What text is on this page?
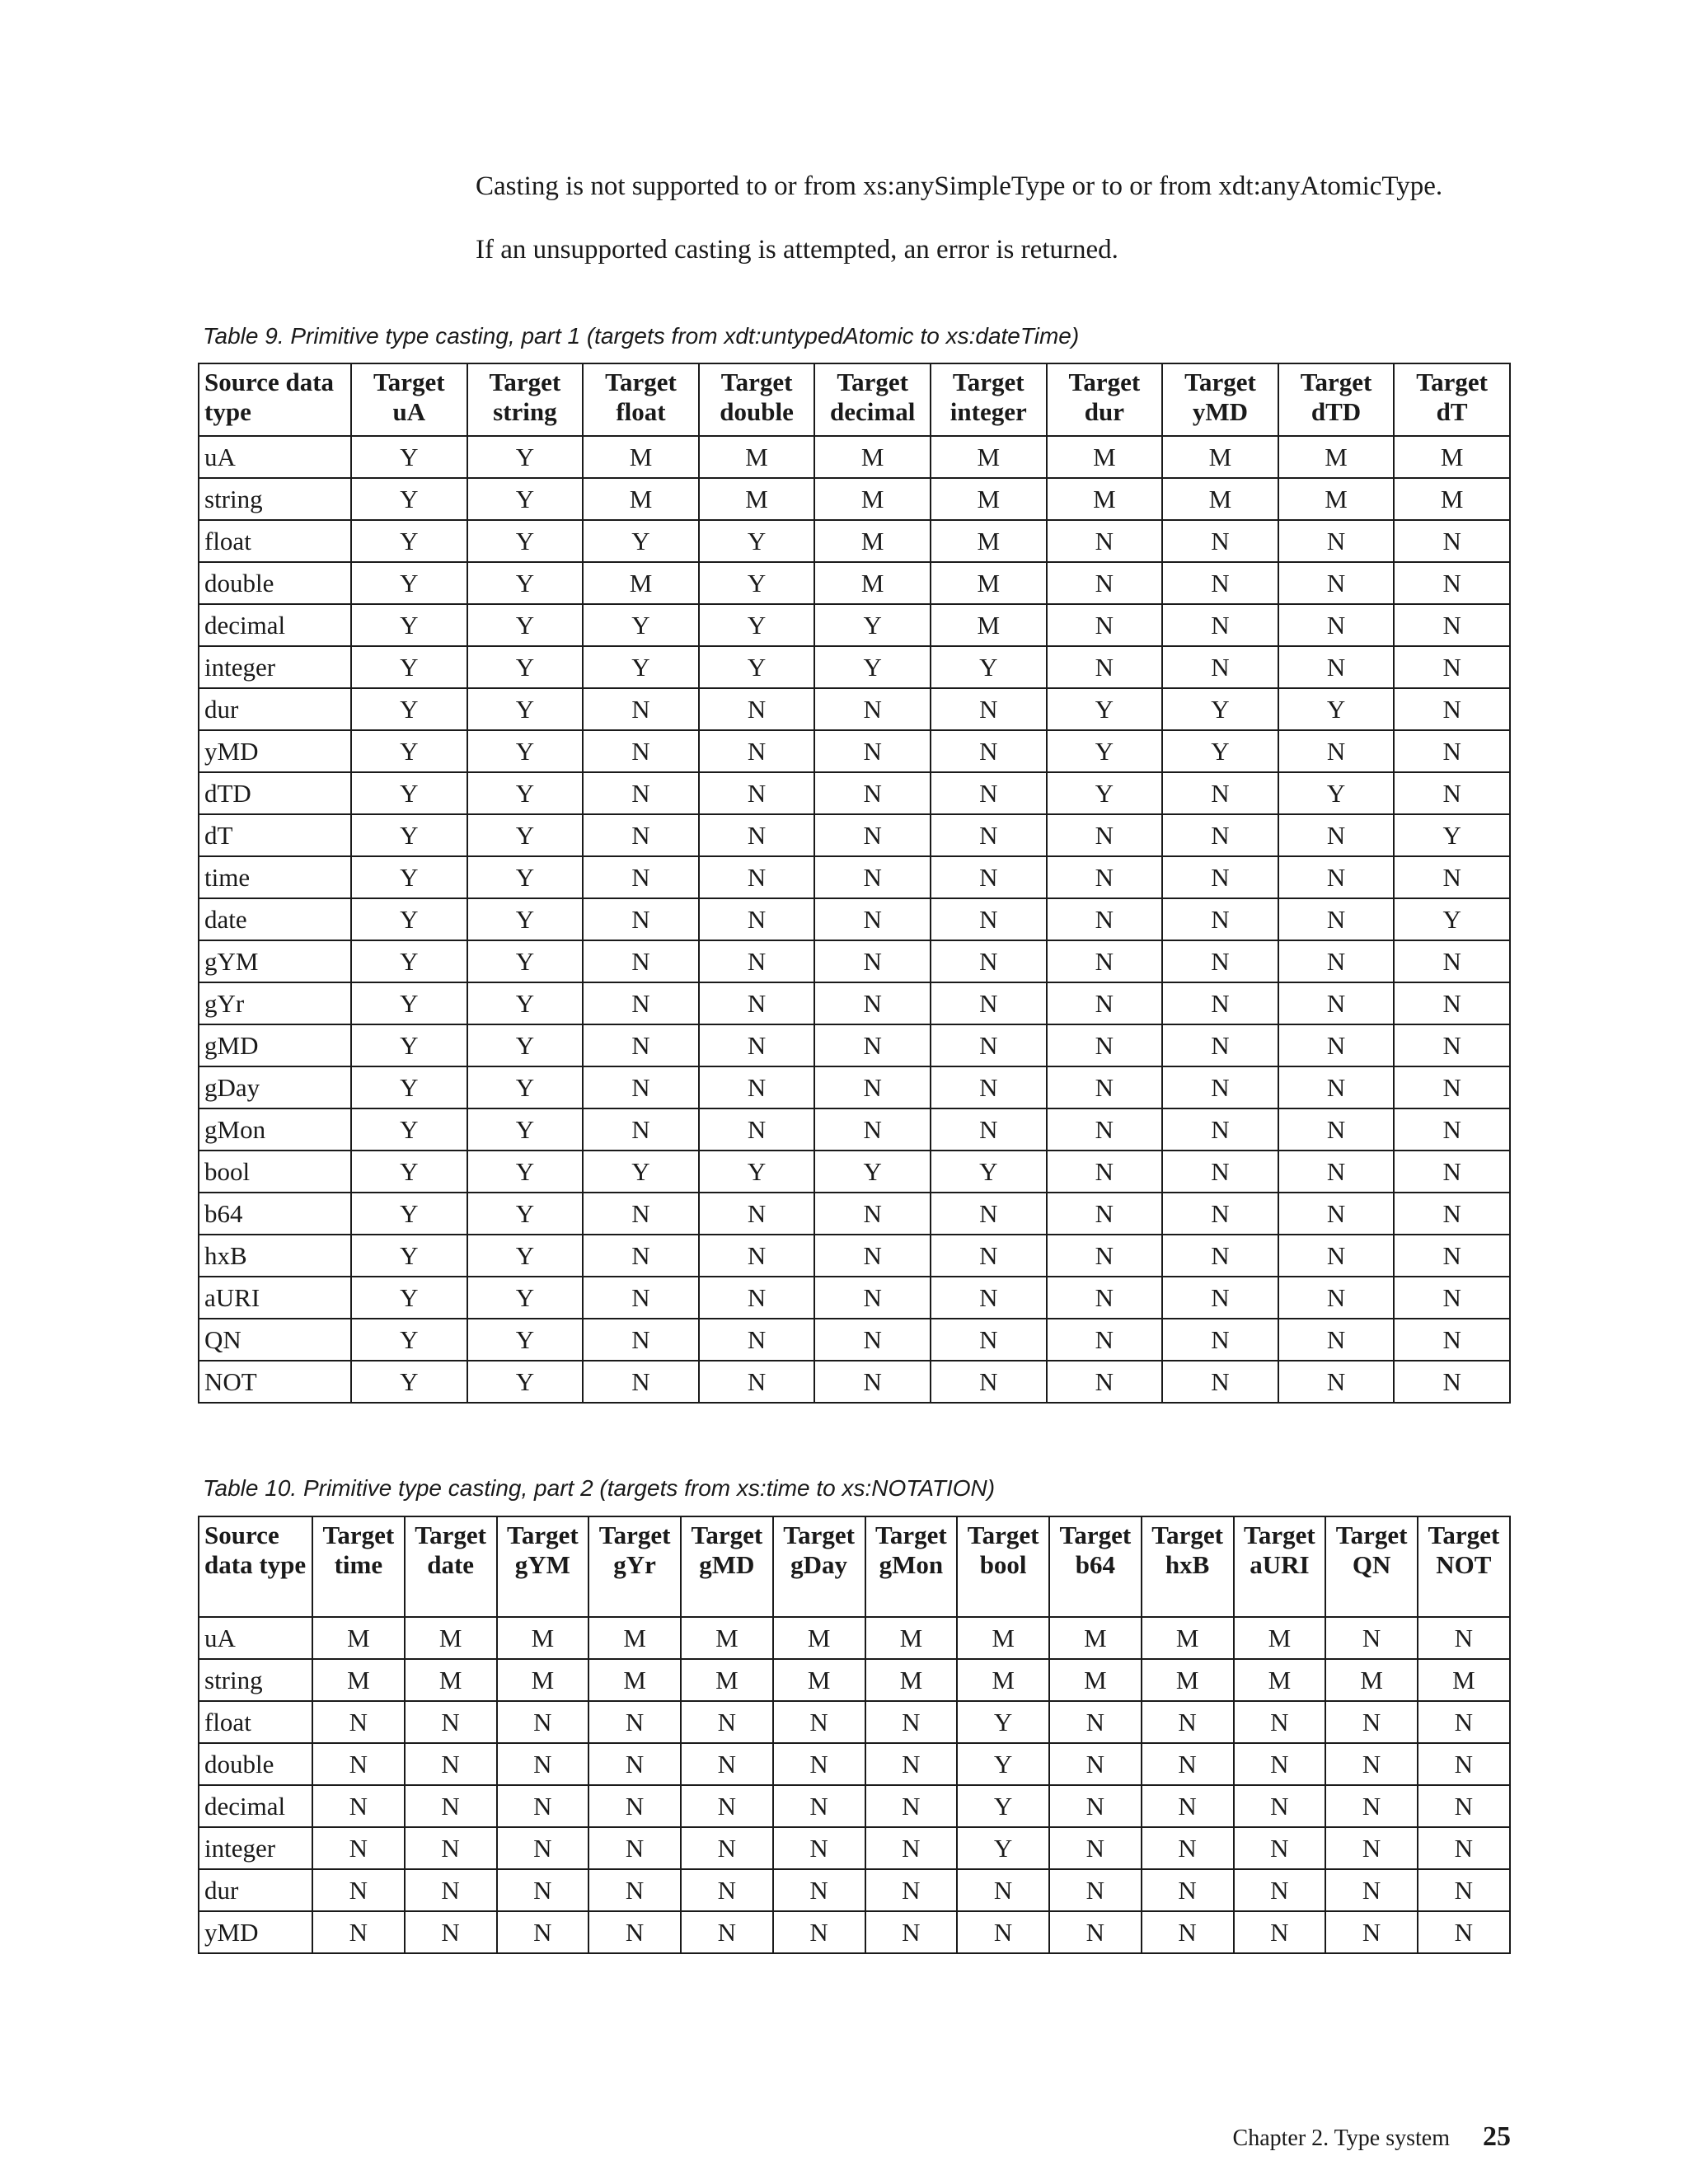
Casting is not supported to or from xs:anySimpleType or to or from xdt:anyAtomicType.

If an unsupported casting is attempted, an error is returned.

Table 9. Primitive type casting, part 1 (targets from xdt:untypedAtomic to xs:dateTime)
Source data type	Target uA	Target string	Target float	Target double	Target decimal	Target integer	Target dur	Target yMD	Target dTD	Target dT
uA	Y	Y	M	M	M	M	M	M	M	M
string	Y	Y	M	M	M	M	M	M	M	M
float	Y	Y	Y	Y	M	M	N	N	N	N
double	Y	Y	M	Y	M	M	N	N	N	N
decimal	Y	Y	Y	Y	Y	M	N	N	N	N
integer	Y	Y	Y	Y	Y	Y	N	N	N	N
dur	Y	Y	N	N	N	N	Y	Y	Y	N
yMD	Y	Y	N	N	N	N	Y	Y	N	N
dTD	Y	Y	N	N	N	N	Y	N	Y	N
dT	Y	Y	N	N	N	N	N	N	N	Y
time	Y	Y	N	N	N	N	N	N	N	N
date	Y	Y	N	N	N	N	N	N	N	Y
gYM	Y	Y	N	N	N	N	N	N	N	N
gYr	Y	Y	N	N	N	N	N	N	N	N
gMD	Y	Y	N	N	N	N	N	N	N	N
gDay	Y	Y	N	N	N	N	N	N	N	N
gMon	Y	Y	N	N	N	N	N	N	N	N
bool	Y	Y	Y	Y	Y	Y	N	N	N	N
b64	Y	Y	N	N	N	N	N	N	N	N
hxB	Y	Y	N	N	N	N	N	N	N	N
aURI	Y	Y	N	N	N	N	N	N	N	N
QN	Y	Y	N	N	N	N	N	N	N	N
NOT	Y	Y	N	N	N	N	N	N	N	N
Table 10. Primitive type casting, part 2 (targets from xs:time to xs:NOTATION)
Source data type	Target time	Target date	Target gYM	Target gYr	Target gMD	Target gDay	Target gMon	Target bool	Target b64	Target hxB	Target aURI	Target QN	Target NOT
uA	M	M	M	M	M	M	M	M	M	M	M	N	N
string	M	M	M	M	M	M	M	M	M	M	M	M	M
float	N	N	N	N	N	N	N	Y	N	N	N	N	N
double	N	N	N	N	N	N	N	Y	N	N	N	N	N
decimal	N	N	N	N	N	N	N	Y	N	N	N	N	N
integer	N	N	N	N	N	N	N	Y	N	N	N	N	N
dur	N	N	N	N	N	N	N	N	N	N	N	N	N
yMD	N	N	N	N	N	N	N	N	N	N	N	N	N
Chapter 2. Type system 25
